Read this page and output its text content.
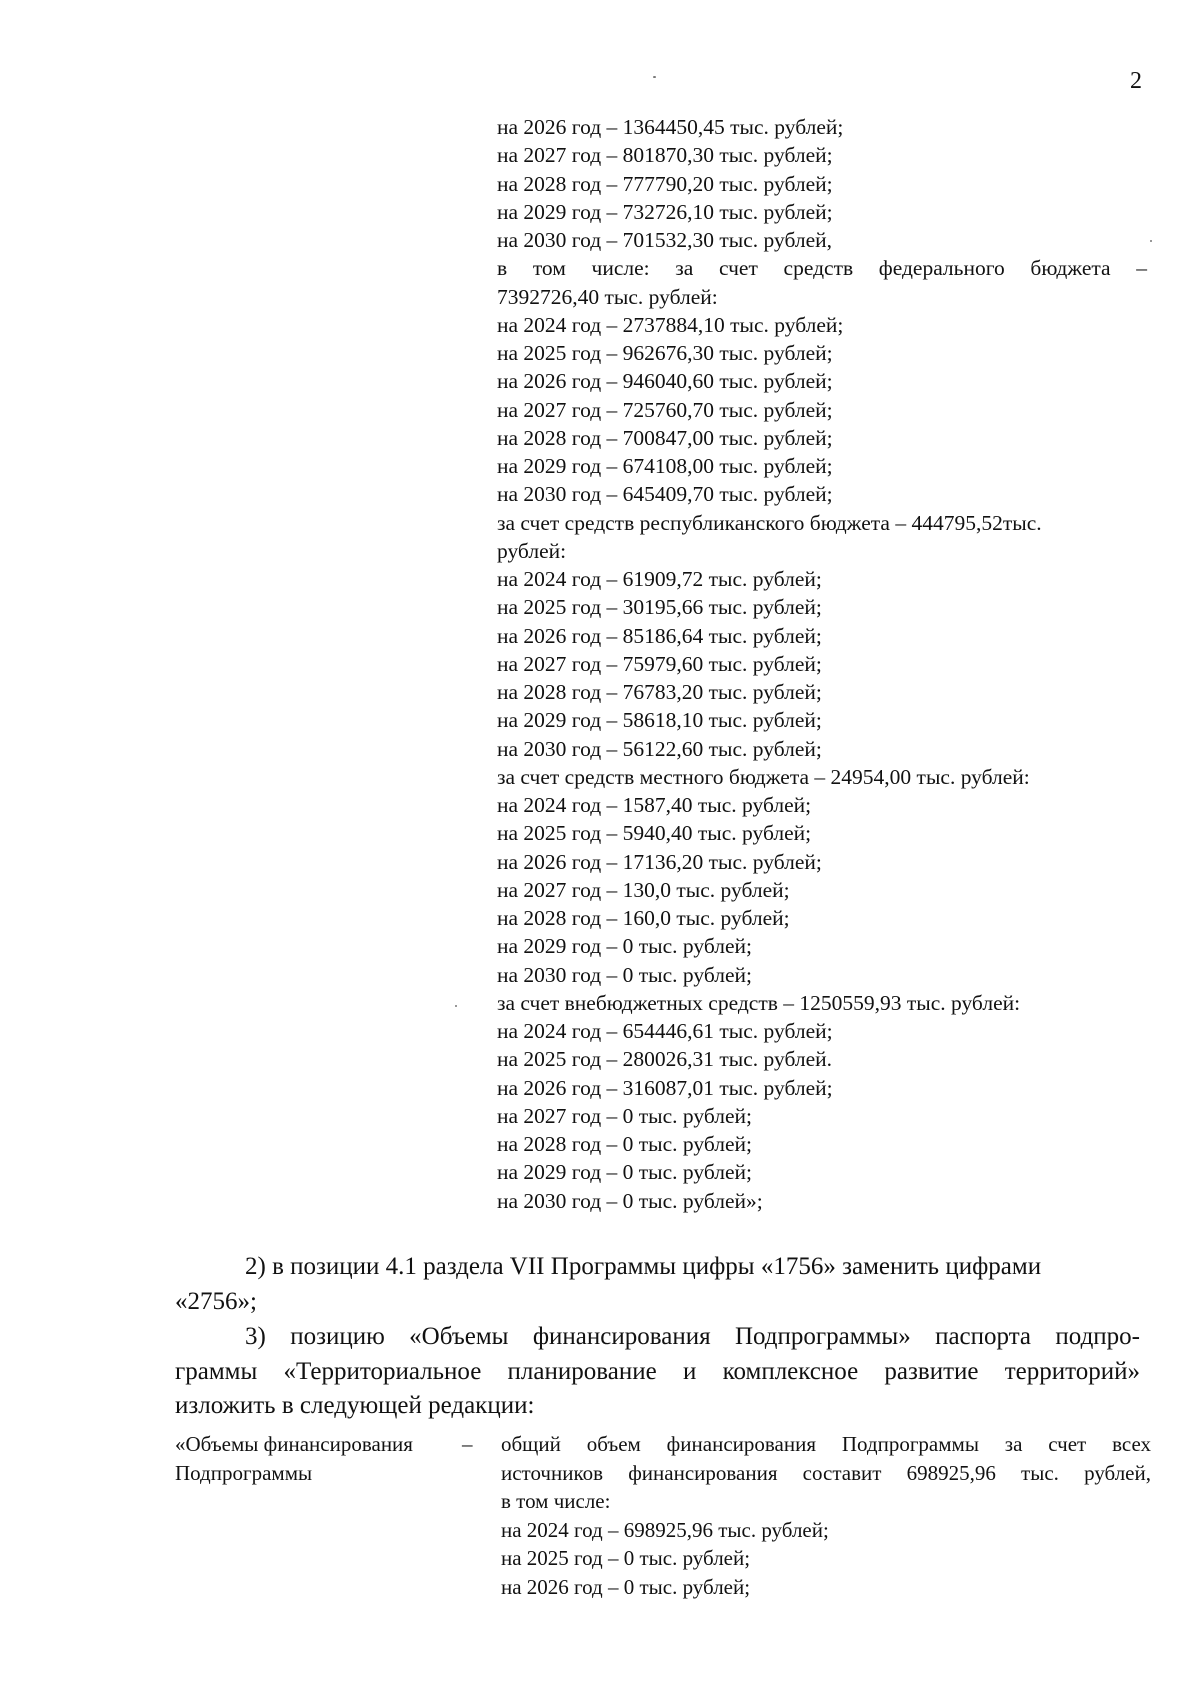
2
на 2026 год – 1364450,45 тыс. рублей;
на 2027 год – 801870,30 тыс. рублей;
на 2028 год – 777790,20 тыс. рублей;
на 2029 год – 732726,10 тыс. рублей;
на 2030 год – 701532,30 тыс. рублей,
в том числе: за счет средств федерального бюджета –
7392726,40 тыс. рублей:
на 2024 год – 2737884,10 тыс. рублей;
на 2025 год – 962676,30 тыс. рублей;
на 2026 год – 946040,60 тыс. рублей;
на 2027 год – 725760,70 тыс. рублей;
на 2028 год – 700847,00 тыс. рублей;
на 2029 год – 674108,00 тыс. рублей;
на 2030 год – 645409,70 тыс. рублей;
за счет средств республиканского бюджета – 444795,52тыс.
рублей:
на 2024 год – 61909,72 тыс. рублей;
на 2025 год – 30195,66 тыс. рублей;
на 2026 год – 85186,64 тыс. рублей;
на 2027 год – 75979,60 тыс. рублей;
на 2028 год – 76783,20 тыс. рублей;
на 2029 год – 58618,10 тыс. рублей;
на 2030 год – 56122,60 тыс. рублей;
за счет средств местного бюджета – 24954,00 тыс. рублей:
на 2024 год – 1587,40 тыс. рублей;
на 2025 год – 5940,40 тыс. рублей;
на 2026 год – 17136,20 тыс. рублей;
на 2027 год – 130,0 тыс. рублей;
на 2028 год – 160,0 тыс. рублей;
на 2029 год – 0 тыс. рублей;
на 2030 год – 0 тыс. рублей;
за счет внебюджетных средств – 1250559,93 тыс. рублей:
на 2024 год – 654446,61 тыс. рублей;
на 2025 год – 280026,31 тыс. рублей.
на 2026 год – 316087,01 тыс. рублей;
на 2027 год – 0 тыс. рублей;
на 2028 год – 0 тыс. рублей;
на 2029 год – 0 тыс. рублей;
на 2030 год – 0 тыс. рублей»;
2) в позиции 4.1 раздела VII Программы цифры «1756» заменить цифрами
«2756»;
3) позицию «Объемы финансирования Подпрограммы» паспорта подпро-
граммы «Территориальное планирование и комплексное развитие территорий»
изложить в следующей редакции:
«Объемы финансирования
Подпрограммы
– общий объем финансирования Подпрограммы за счет всех
источников финансирования составит 698925,96 тыс. рублей,
в том числе:
на 2024 год – 698925,96 тыс. рублей;
на 2025 год – 0 тыс. рублей;
на 2026 год – 0 тыс. рублей;
